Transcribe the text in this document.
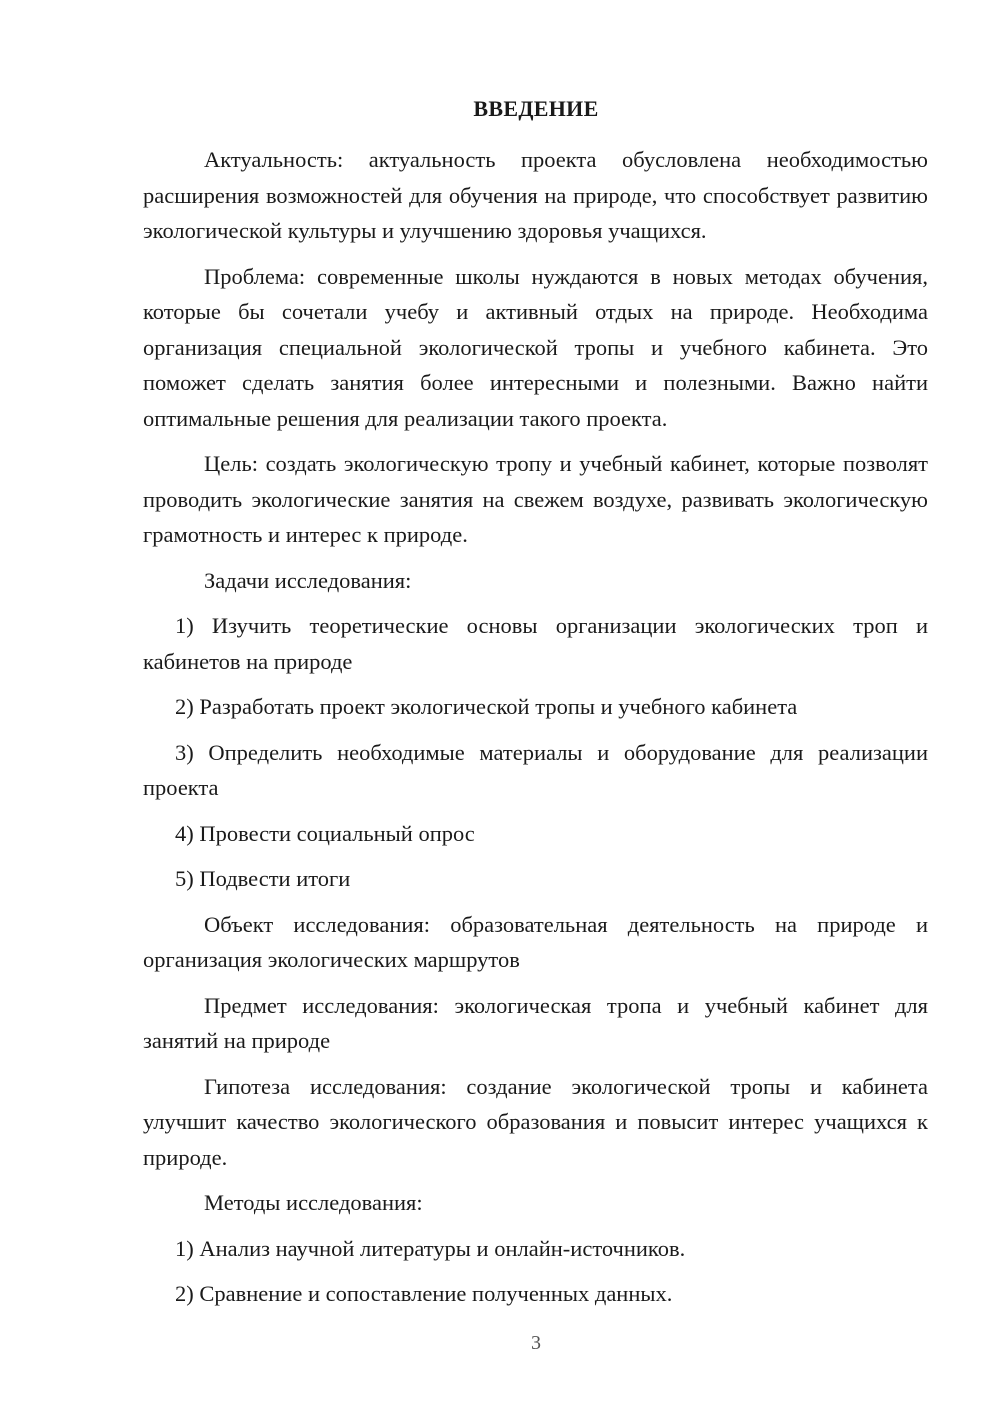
ВВЕДЕНИЕ

Актуальность: актуальность проекта обусловлена необходимостью расширения возможностей для обучения на природе, что способствует развитию экологической культуры и улучшению здоровья учащихся.

Проблема: современные школы нуждаются в новых методах обучения, которые бы сочетали учебу и активный отдых на природе. Необходима организация специальной экологической тропы и учебного кабинета. Это поможет сделать занятия более интересными и полезными. Важно найти оптимальные решения для реализации такого проекта.

Цель: создать экологическую тропу и учебный кабинет, которые позволят проводить экологические занятия на свежем воздухе, развивать экологическую грамотность и интерес к природе.

Задачи исследования:

1) Изучить теоретические основы организации экологических троп и кабинетов на природе

2) Разработать проект экологической тропы и учебного кабинета

3) Определить необходимые материалы и оборудование для реализации проекта

4) Провести социальный опрос

5) Подвести итоги

Объект исследования: образовательная деятельность на природе и организация экологических маршрутов

Предмет исследования: экологическая тропа и учебный кабинет для занятий на природе

Гипотеза исследования: создание экологической тропы и кабинета улучшит качество экологического образования и повысит интерес учащихся к природе.

Методы исследования:

1) Анализ научной литературы и онлайн-источников.

2) Сравнение и сопоставление полученных данных.

3
